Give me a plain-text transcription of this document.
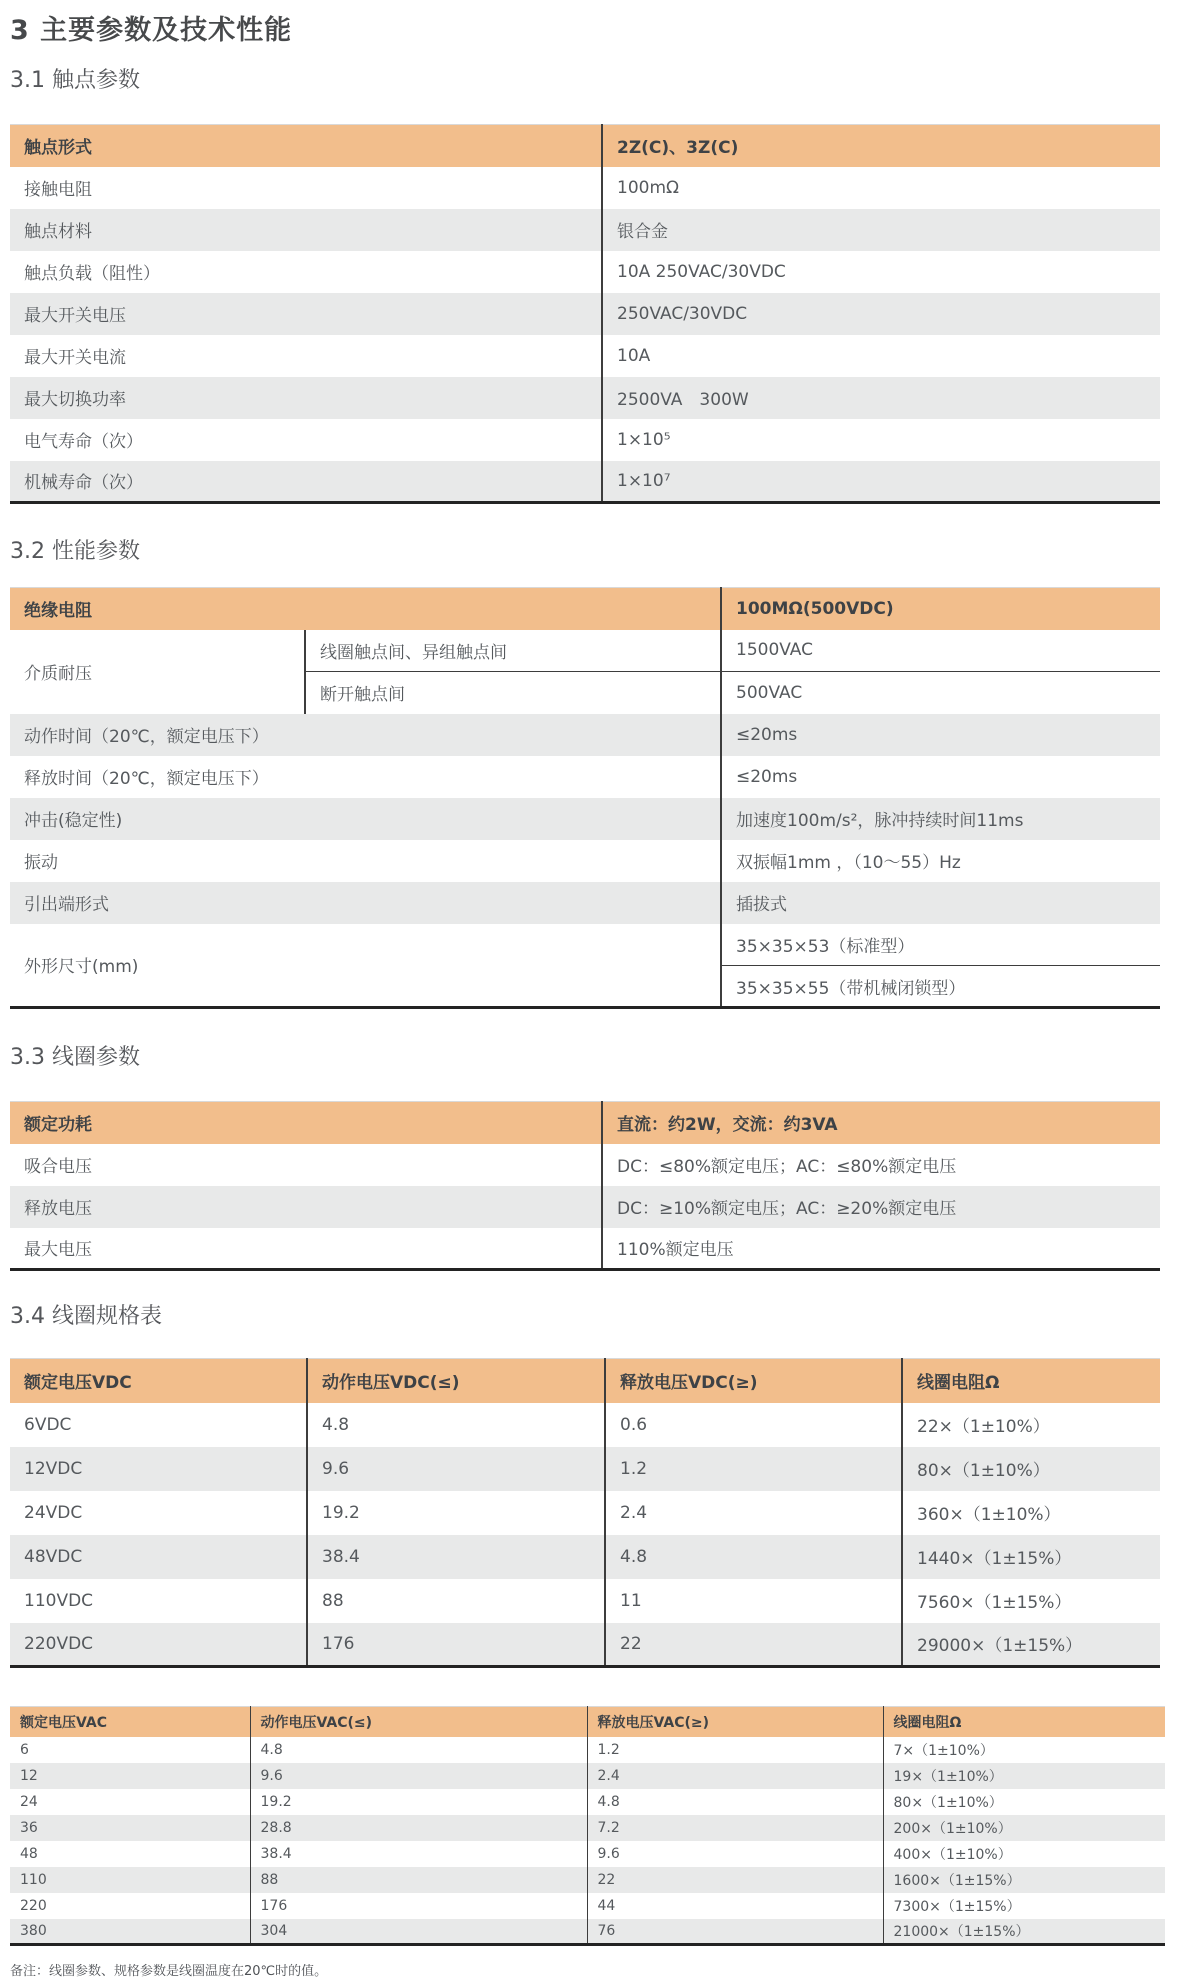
3 主要参数及技术性能
3.1 触点参数
触点形式	2Z(C)、3Z(C)
接触电阻	100mΩ
触点材料	银合金
触点负载（阻性）	10A 250VAC/30VDC
最大开关电压	250VAC/30VDC
最大开关电流	10A
最大切换功率	2500VA　300W
电气寿命（次）	1×10⁵
机械寿命（次）	1×10⁷
3.2 性能参数
绝缘电阻		100MΩ(500VDC)
介质耐压	线圈触点间、异组触点间	1500VAC
	断开触点间	500VAC
动作时间（20℃，额定电压下）		≤20ms
释放时间（20℃，额定电压下）		≤20ms
冲击(稳定性)		加速度100m/s²，脉冲持续时间11ms
振动		双振幅1mm ，（10～55）Hz
引出端形式		插拔式
外形尺寸(mm)		35×35×53（标准型）
		35×35×55（带机械闭锁型）
3.3 线圈参数
额定功耗	直流：约2W，交流：约3VA
吸合电压	DC：≤80%额定电压；AC：≤80%额定电压
释放电压	DC：≥10%额定电压；AC：≥20%额定电压
最大电压	110%额定电压
3.4 线圈规格表
额定电压VDC	动作电压VDC(≤)	释放电压VDC(≥)	线圈电阻Ω
6VDC	4.8	0.6	22×（1±10%）
12VDC	9.6	1.2	80×（1±10%）
24VDC	19.2	2.4	360×（1±10%）
48VDC	38.4	4.8	1440×（1±15%）
110VDC	88	11	7560×（1±15%）
220VDC	176	22	29000×（1±15%）
额定电压VAC	动作电压VAC(≤)	释放电压VAC(≥)	线圈电阻Ω
6	4.8	1.2	7×（1±10%）
12	9.6	2.4	19×（1±10%）
24	19.2	4.8	80×（1±10%）
36	28.8	7.2	200×（1±10%）
48	38.4	9.6	400×（1±10%）
110	88	22	1600×（1±15%）
220	176	44	7300×（1±15%）
380	304	76	21000×（1±15%）
备注：线圈参数、规格参数是线圈温度在20℃时的值。
